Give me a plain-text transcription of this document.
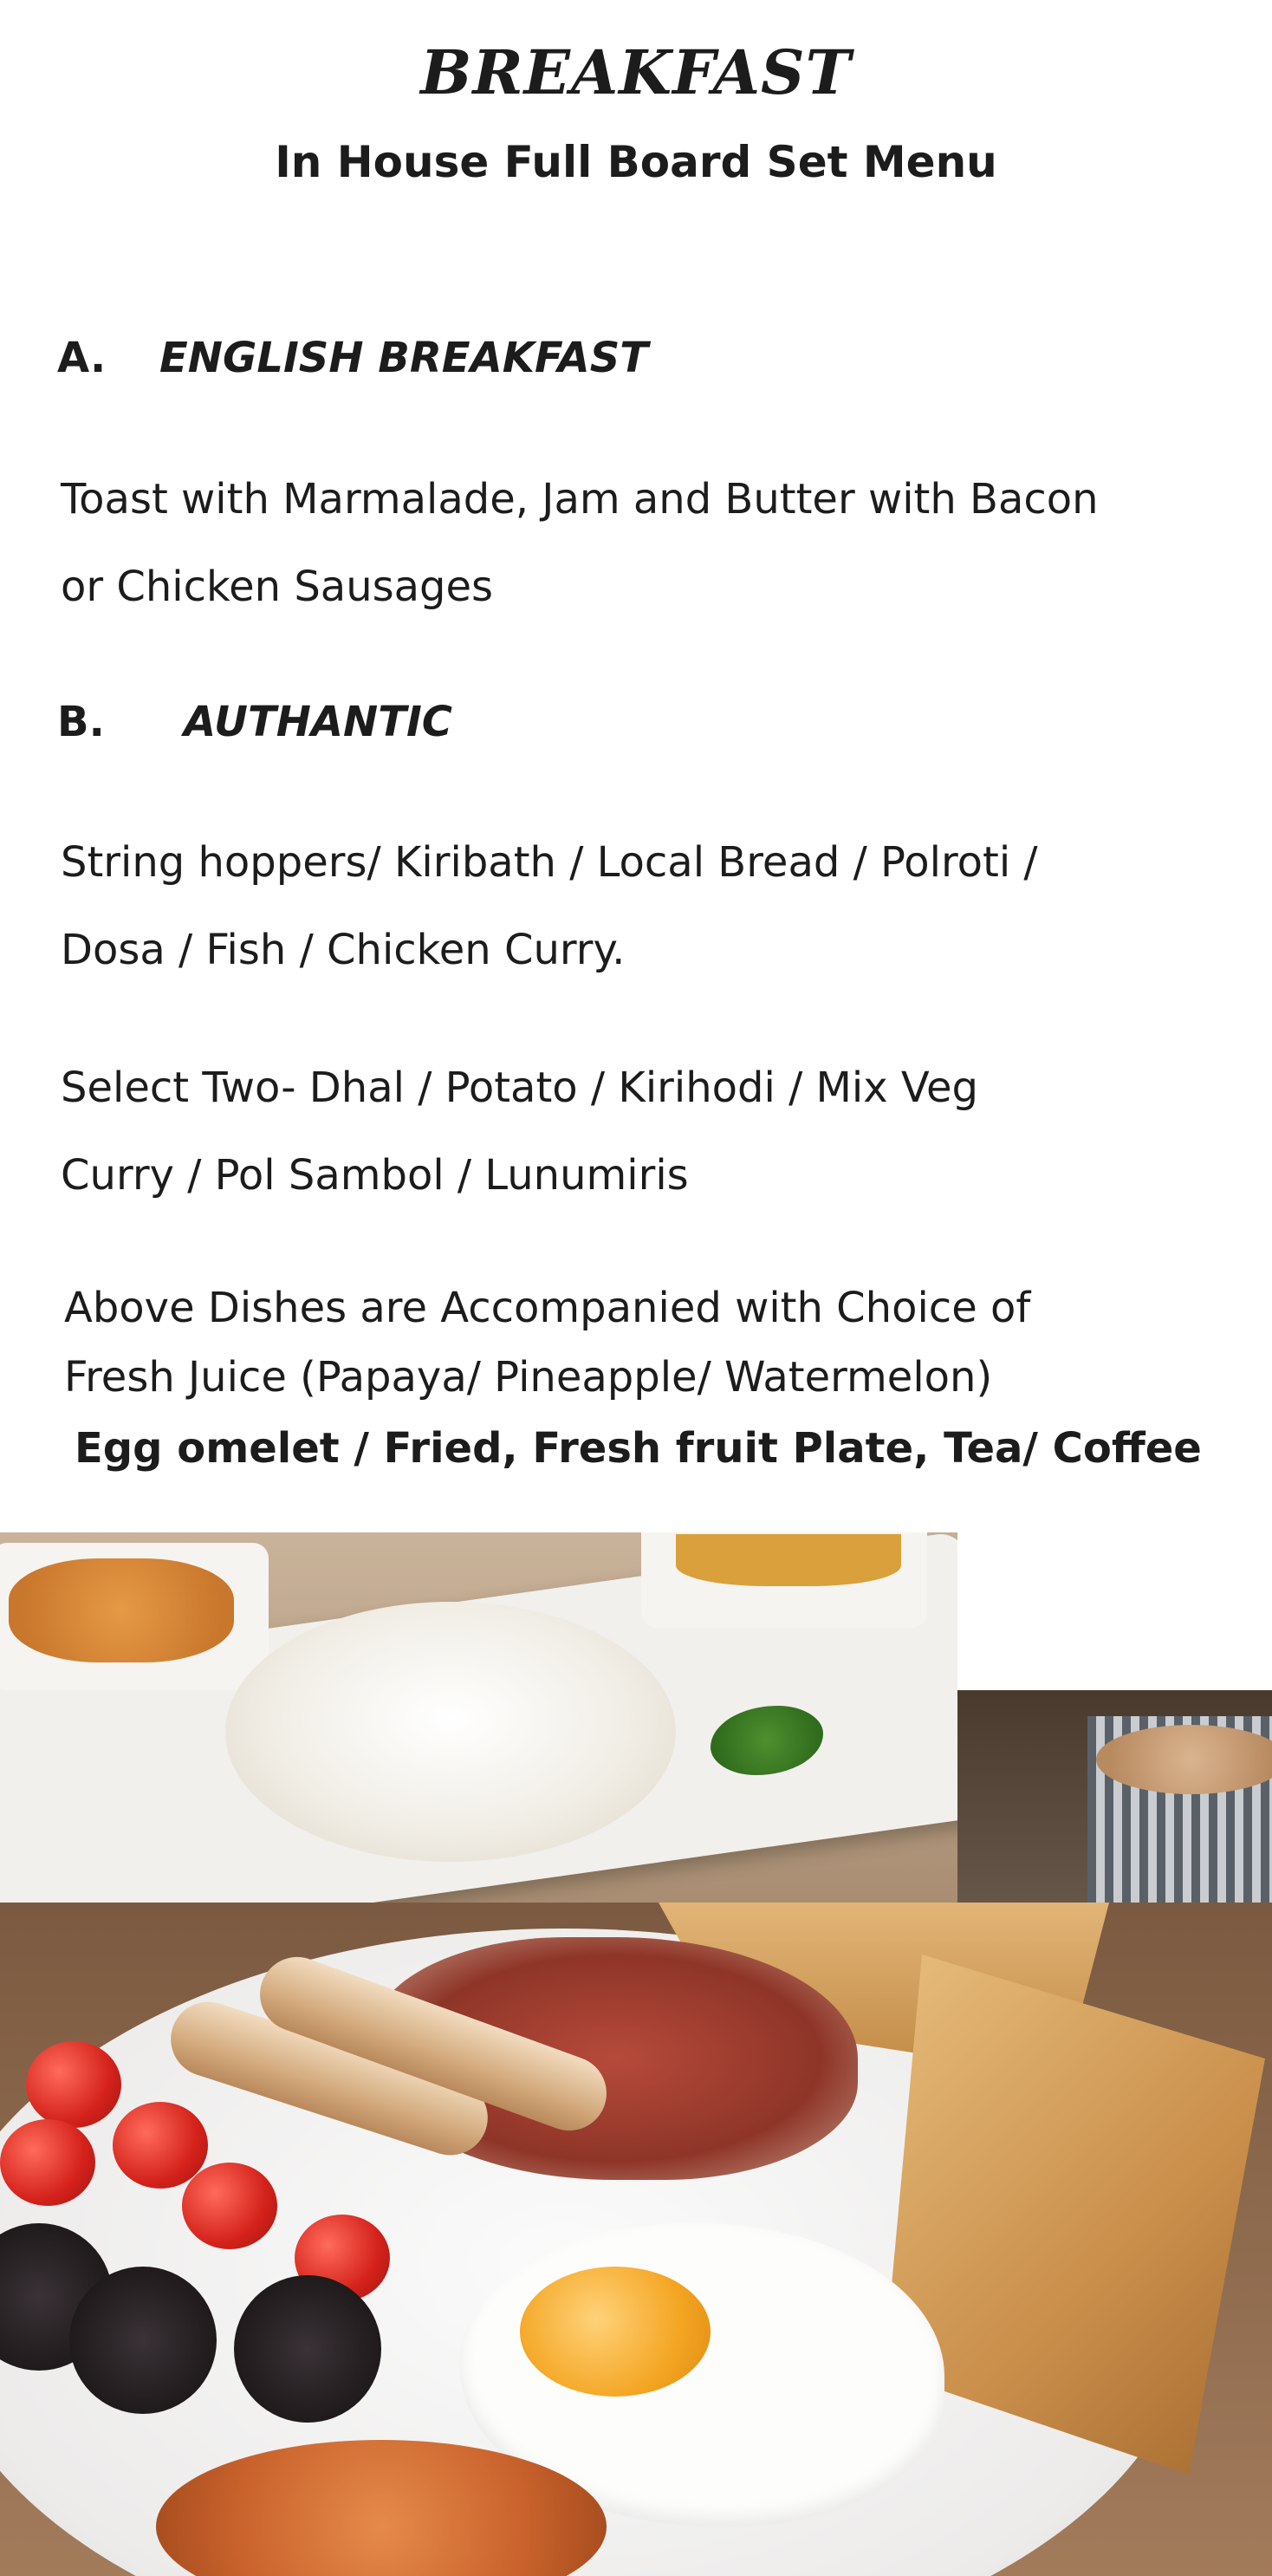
BREAKFAST
In House Full Board Set Menu
A. ENGLISH BREAKFAST
Toast with Marmalade, Jam and Butter with Bacon
or Chicken Sausages
B. AUTHANTIC
String hoppers/ Kiribath / Local Bread / Polroti /
Dosa / Fish / Chicken Curry.
Select Two- Dhal / Potato / Kirihodi / Mix Veg
Curry / Pol Sambol / Lunumiris
Above Dishes are Accompanied with Choice of
Fresh Juice (Papaya/ Pineapple/ Watermelon)
Egg omelet / Fried, Fresh fruit Plate, Tea/ Coffee
